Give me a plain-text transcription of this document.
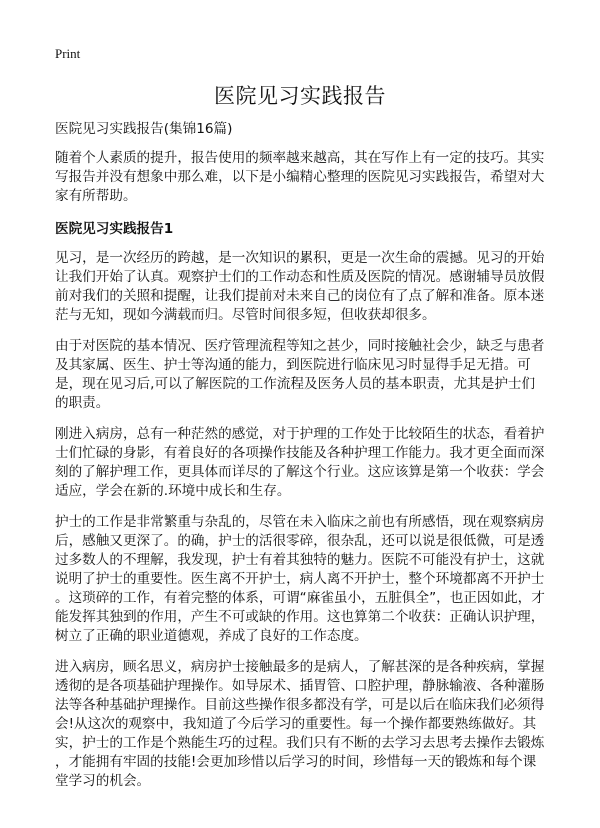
Print
医院见习实践报告
医院见习实践报告(集锦16篇)
随着个人素质的提升，报告使用的频率越来越高，其在写作上有一定的技巧。其实
写报告并没有想象中那么难，以下是小编精心整理的医院见习实践报告，希望对大
家有所帮助。
医院见习实践报告1
见习，是一次经历的跨越，是一次知识的累积，更是一次生命的震撼。见习的开始
让我们开始了认真。观察护士们的工作动态和性质及医院的情况。感谢辅导员放假
前对我们的关照和提醒，让我们提前对未来自己的岗位有了点了解和准备。原本迷
茫与无知，现如今满载而归。尽管时间很多短，但收获却很多。
由于对医院的基本情况、医疗管理流程等知之甚少，同时接触社会少，缺乏与患者
及其家属、医生、护士等沟通的能力，到医院进行临床见习时显得手足无措。可
是，现在见习后,可以了解医院的工作流程及医务人员的基本职责，尤其是护士们
的职责。
刚进入病房，总有一种茫然的感觉，对于护理的工作处于比较陌生的状态，看着护
士们忙碌的身影，有着良好的各项操作技能及各种护理工作能力。我才更全面而深
刻的了解护理工作，更具体而详尽的了解这个行业。这应该算是第一个收获：学会
适应，学会在新的.环境中成长和生存。
护士的工作是非常繁重与杂乱的，尽管在未入临床之前也有所感悟，现在观察病房
后，感触又更深了。的确，护士的活很零碎，很杂乱，还可以说是很低微，可是透
过多数人的不理解，我发现，护士有着其独特的魅力。医院不可能没有护士，这就
说明了护士的重要性。医生离不开护士，病人离不开护士，整个环境都离不开护士
。这琐碎的工作，有着完整的体系，可谓“麻雀虽小，五脏俱全”，也正因如此，才
能发挥其独到的作用，产生不可或缺的作用。这也算第二个收获：正确认识护理，
树立了正确的职业道德观，养成了良好的工作态度。
进入病房，顾名思义，病房护士接触最多的是病人，了解甚深的是各种疾病，掌握
透彻的是各项基础护理操作。如导尿术、插胃管、口腔护理，静脉输液、各种灌肠
法等各种基础护理操作。目前这些操作很多都没有学，可是以后在临床我们必须得
会!从这次的观察中，我知道了今后学习的重要性。每一个操作都要熟练做好。其
实，护士的工作是个熟能生巧的过程。我们只有不断的去学习去思考去操作去锻炼
，才能拥有牢固的技能!会更加珍惜以后学习的时间，珍惜每一天的锻炼和每个课
堂学习的机会。
